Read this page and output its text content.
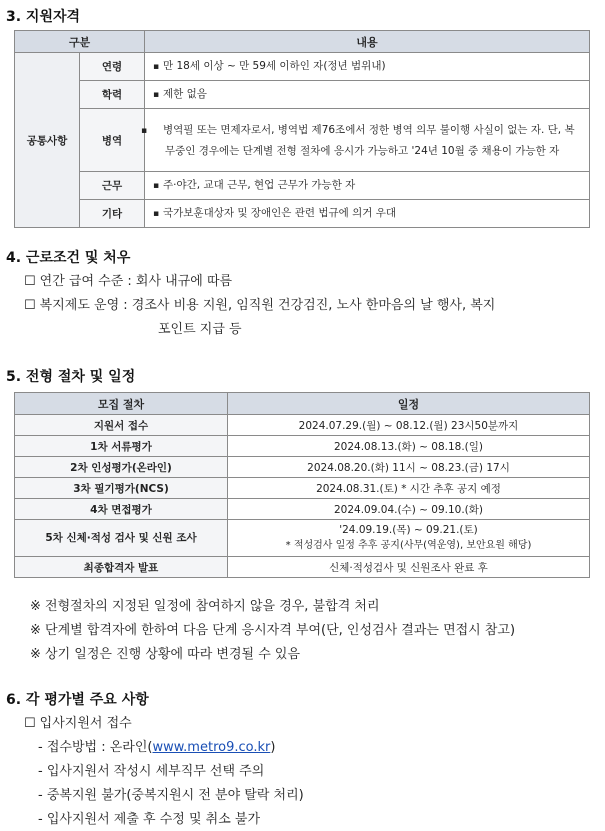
3. 지원자격
구분		내용
공통사항	연령	▪ 만 18세 이상 ~ 만 59세 이하인 자(정년 범위내)
	학력	▪ 제한 없음
	병역	▪ 병역필 또는 면제자로서, 병역법 제76조에서 정한 병역 의무 불이행 사실이 없는 자. 단, 복무중인 경우에는 단계별 전형 절차에 응시가 가능하고 '24년 10월 중 채용이 가능한 자
	근무	▪ 주·야간, 교대 근무, 현업 근무가 가능한 자
	기타	▪ 국가보훈대상자 및 장애인은 관련 법규에 의거 우대
4. 근로조건 및 처우
☐ 연간 급여 수준 : 회사 내규에 따름
☐ 복지제도 운영 : 경조사 비용 지원, 임직원 건강검진, 노사 한마음의 날 행사, 복지
포인트 지급 등
5. 전형 절차 및 일정
모집 절차	일정
지원서 접수	2024.07.29.(월) ~ 08.12.(월) 23시50분까지
1차 서류평가	2024.08.13.(화) ~ 08.18.(일)
2차 인성평가(온라인)	2024.08.20.(화) 11시 ~ 08.23.(금) 17시
3차 필기평가(NCS)	2024.08.31.(토) * 시간 추후 공지 예정
4차 면접평가	2024.09.04.(수) ~ 09.10.(화)
5차 신체·적성 검사 및 신원 조사	'24.09.19.(목) ~ 09.21.(토)
* 적성검사 일정 추후 공지(사무(역운영), 보안요원 해당)

최종합격자 발표	신체·적성검사 및 신원조사 완료 후
※ 전형절차의 지정된 일정에 참여하지 않을 경우, 불합격 처리
※ 단계별 합격자에 한하여 다음 단계 응시자격 부여(단, 인성검사 결과는 면접시 참고)
※ 상기 일정은 진행 상황에 따라 변경될 수 있음
6. 각 평가별 주요 사항
☐ 입사지원서 접수
- 접수방법 : 온라인(www.metro9.co.kr)
- 입사지원서 작성시 세부직무 선택 주의
- 중복지원 불가(중복지원시 전 분야 탈락 처리)
- 입사지원서 제출 후 수정 및 취소 불가
